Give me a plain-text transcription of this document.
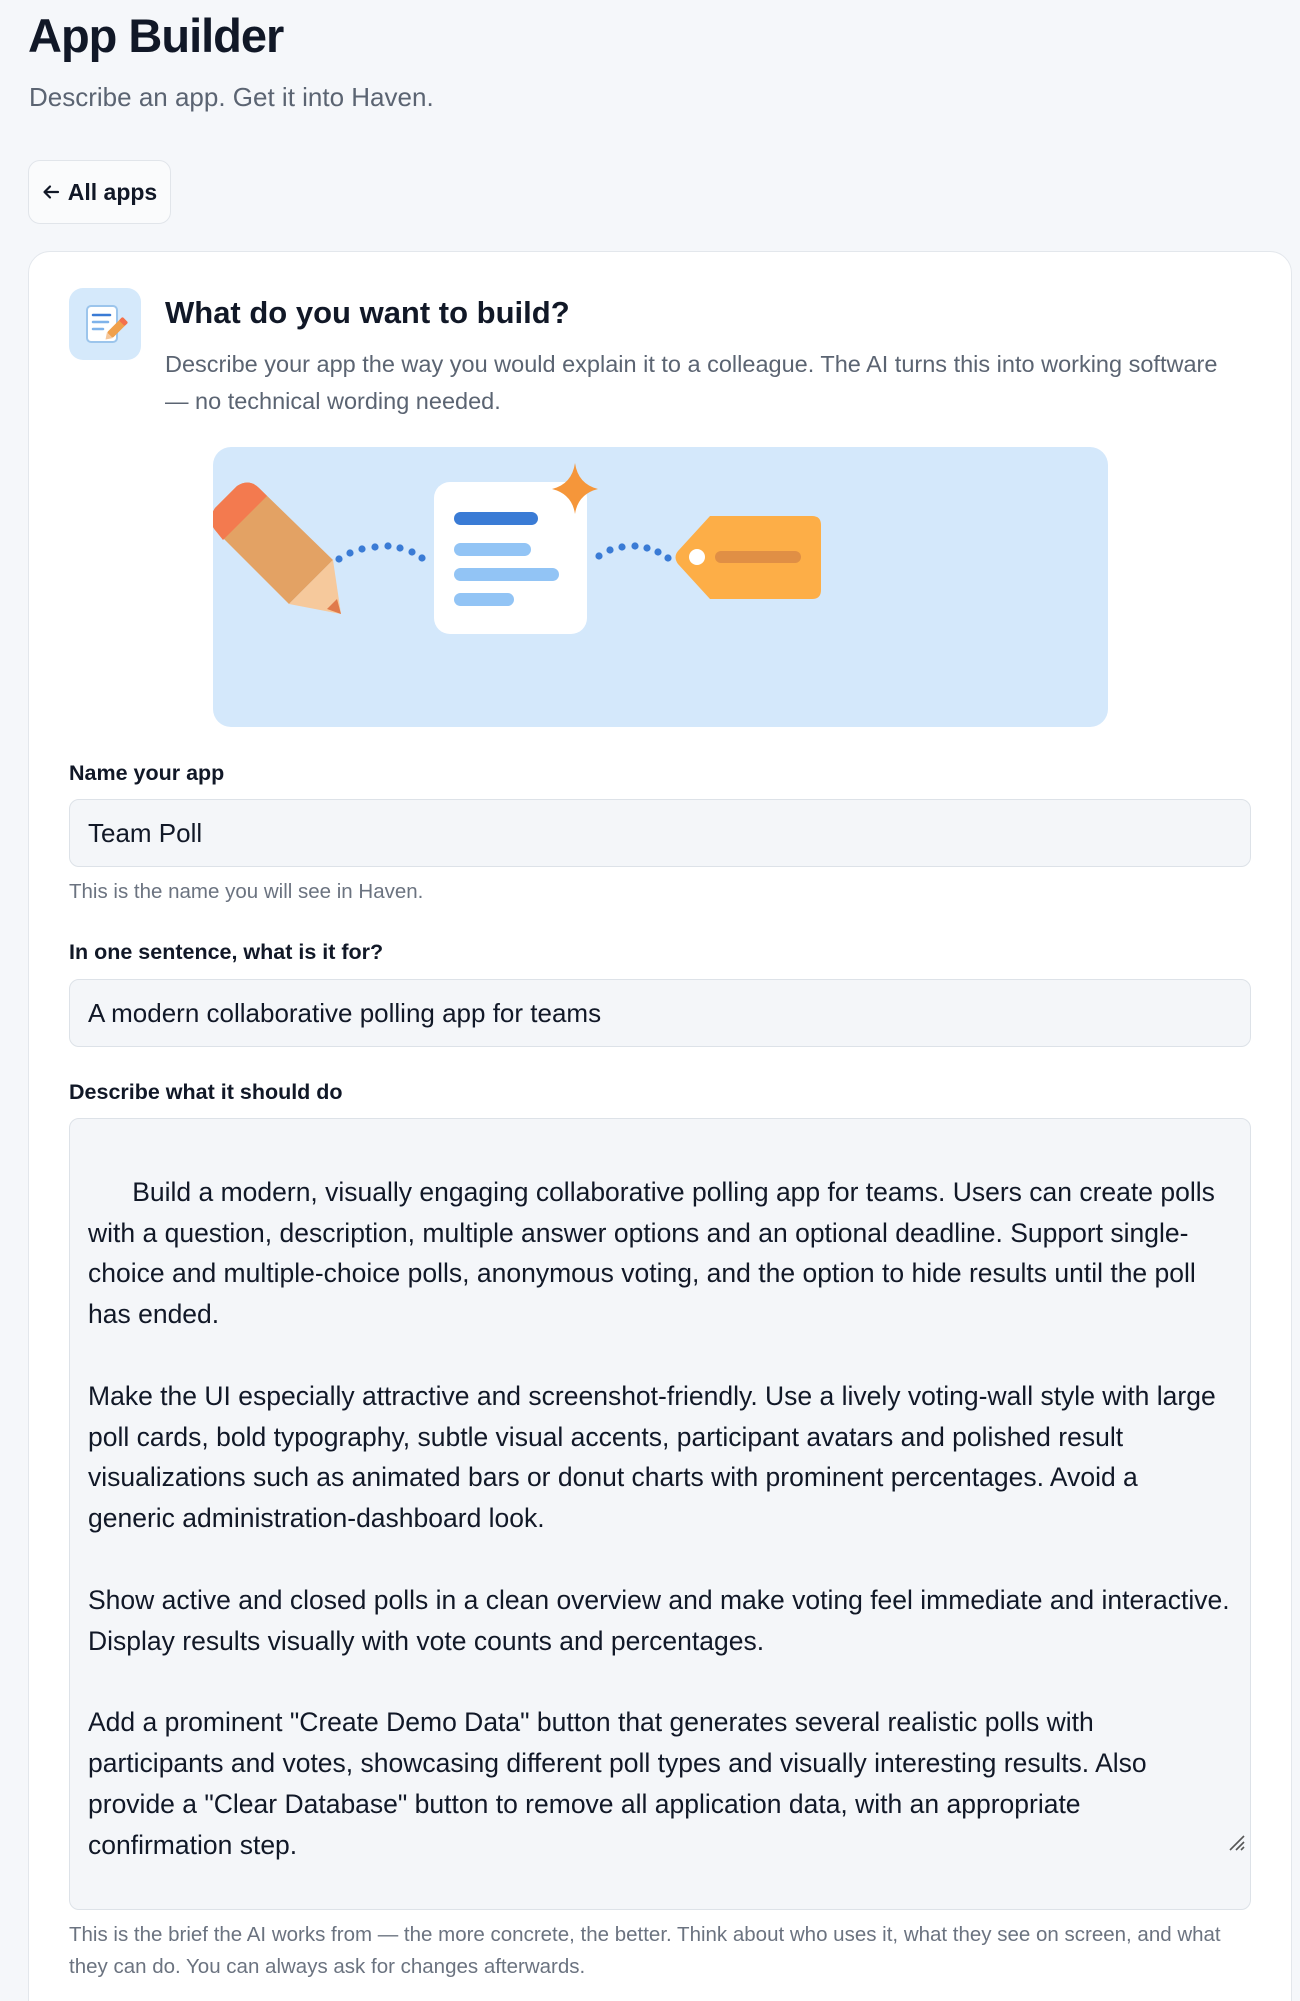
App Builder
Describe an app. Get it into Haven.
All apps
What do you want to build?

Describe your app the way you would explain it to a colleague. The AI turns this into working software — no technical wording needed.

Name your app
Team Poll
This is the name you will see in Haven.
In one sentence, what is it for?
A modern collaborative polling app for teams
Describe what it should do

Build a modern, visually engaging collaborative polling app for teams. Users can create polls with a question, description, multiple answer options and an optional deadline. Support single-choice and multiple-choice polls, anonymous voting, and the option to hide results until the poll has ended.

Make the UI especially attractive and screenshot-friendly. Use a lively voting-wall style with large poll cards, bold typography, subtle visual accents, participant avatars and polished result visualizations such as animated bars or donut charts with prominent percentages. Avoid a generic administration-dashboard look.

Show active and closed polls in a clean overview and make voting feel immediate and interactive. Display results visually with vote counts and percentages.

Add a prominent "Create Demo Data" button that generates several realistic polls with participants and votes, showcasing different poll types and visually interesting results. Also provide a "Clear Database" button to remove all application data, with an appropriate confirmation step.

This is the brief the AI works from — the more concrete, the better. Think about who uses it, what they see on screen, and what they can do. You can always ask for changes afterwards.
